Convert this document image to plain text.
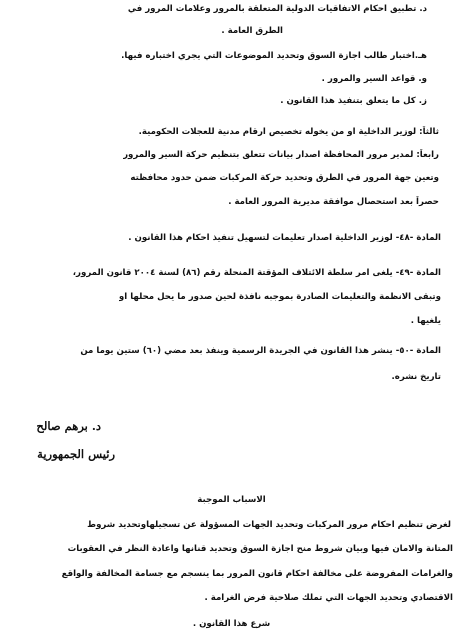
د. تطبيق احكام الاتفاقيات الدولية المتعلقة بالمرور وعلامات المرور في
الطرق العامة .
هـ.اختبار طالب اجازة السوق وتحديد الموضوعات التي يجري اختباره فيها.
و. قواعد السير والمرور .
ز. كل ما يتعلق بتنفيذ هذا القانون .
ثالثاً: لوزير الداخلية او من يخوله تخصيص ارقام مدنية للعجلات الحكومية.
رابعاً: لمدير مرور المحافظة اصدار بيانات تتعلق بتنظيم حركة السير والمرور
وتعين جهة المرور في الطرق وتحديد حركة المركبات ضمن حدود محافظته
حصراً بعد استحصال موافقة مديرية المرور العامة .
المادة -٤٨- لوزير الداخلية اصدار تعليمات لتسهيل تنفيذ احكام هذا القانون .
المادة -٤٩- يلغى امر سلطة الائتلاف المؤقتة المنحلة رقم (٨٦) لسنة ٢٠٠٤ قانون المرور،
وتبقى الانظمة والتعليمات الصادرة بموجبه نافذة لحين صدور ما يحل محلها او
يلغيها .
المادة -٥٠- ينشر هذا القانون في الجريدة الرسمية وينفذ بعد مضي (٦٠) ستين يوما من
تاريخ نشره.
د. برهم صالح
رئيس الجمهورية
الاسباب الموجبة
لغرض تنظيم احكام مرور المركبات وتحديد الجهات المسؤولة عن تسجيلهاوتحديد شروط
المتانة والامان فيها وبيان شروط منح اجازة السوق وتحديد قنانها واعادة النظر في العقوبات
والغرامات المفروضة على مخالفة احكام قانون المرور بما ينسجم مع جسامة المخالفة والواقع
الاقتصادي وتحديد الجهات التي تملك صلاحية فرض الغرامة .
شرع هذا القانون .
